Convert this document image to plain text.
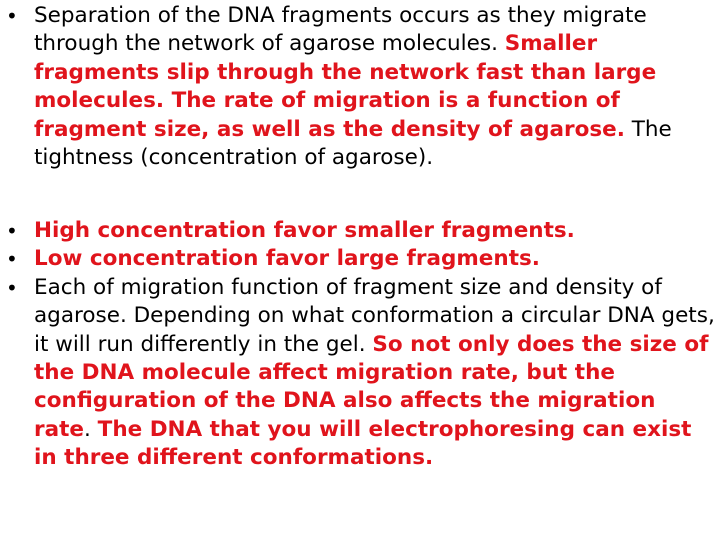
• Separation of the DNA fragments occurs as they migrate through the network of agarose molecules. Smaller fragments slip through the network fast than large molecules. The rate of migration is a function of fragment size, as well as the density of agarose. The tightness (concentration of agarose).

• High concentration favor smaller fragments.

• Low concentration favor large fragments.

• Each of migration function of fragment size and density of agarose. Depending on what conformation a circular DNA gets, it will run differently in the gel. So not only does the size of the DNA molecule affect migration rate, but the configuration of the DNA also affects the migration rate. The DNA that you will electrophoresing can exist in three different conformations.
